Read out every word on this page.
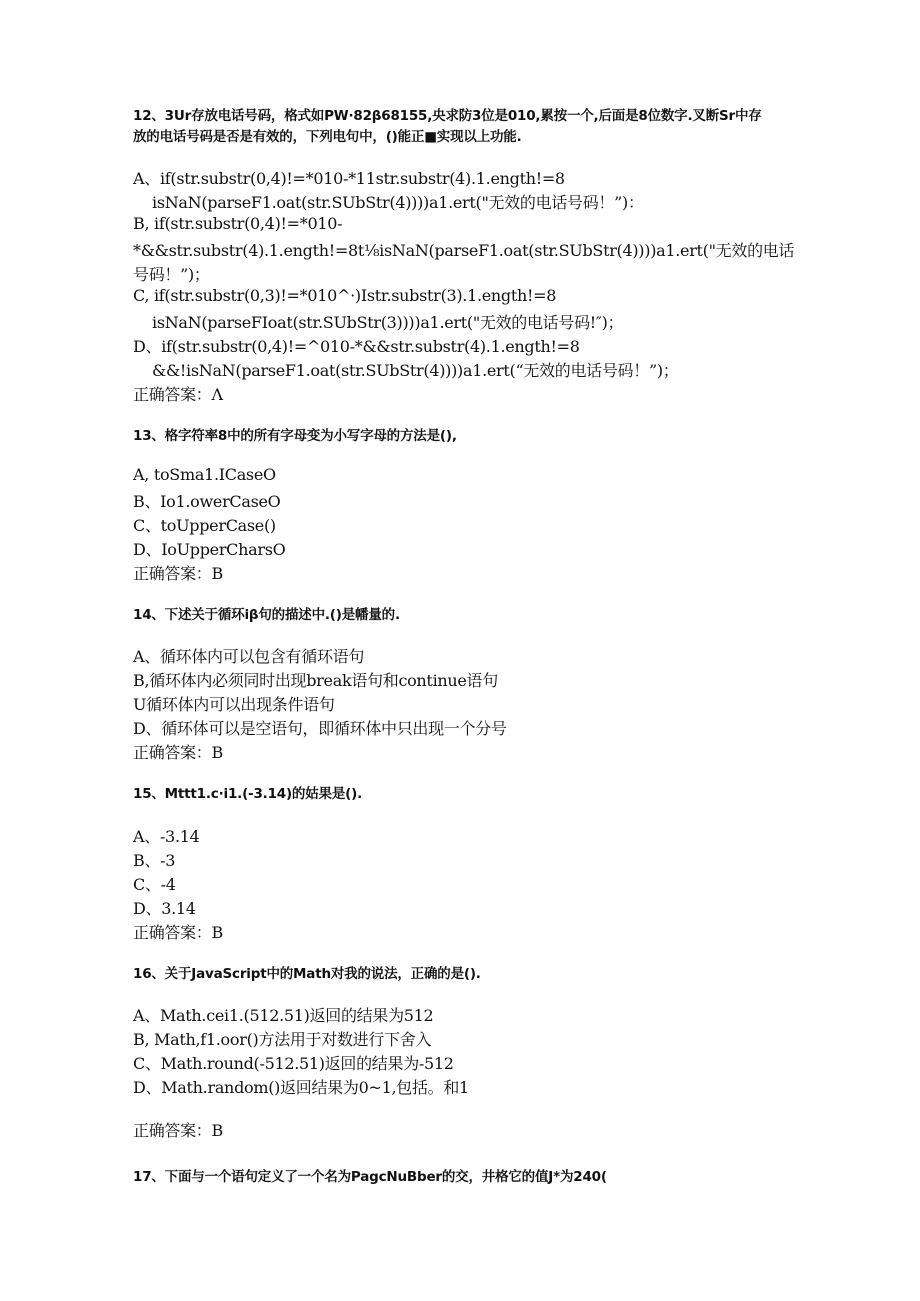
12、3Ur存放电话号码，格式如PW·82β68155,央求防3位是010,累按一个,后面是8位数字.叉断Sr中存
放的电话号码是否是有效的，下列电句中，()能正■实现以上功能.
A、if(str.substr(0,4)!=*010-*11str.substr(4).1.ength!=8
isNaN(parseF1.oat(str.SUbStr(4))))a1.ert("无效的电话号码！”)：
B, if(str.substr(0,4)!=*010-
*&&str.substr(4).1.ength!=8t⅛isNaN(parseF1.oat(str.SUbStr(4))))a1.ert("无效的电话
号码！”)；
C, if(str.substr(0,3)!=*010^·)Istr.substr(3).1.ength!=8
isNaN(parseFIoat(str.SUbStr(3))))a1.ert("无效的电话号码!″)；
D、if(str.substr(0,4)!=^010-*&&str.substr(4).1.ength!=8
&&!isNaN(parseF1.oat(str.SUbStr(4))))a1.ert(“无效的电话号码！”)；
正确答案：Λ
13、格字符率8中的所有字母变为小写字母的方法是(),
A, toSma1.ICaseO
B、Io1.owerCaseO
C、toUpperCase()
D、IoUpperCharsO
正确答案：B
14、下述关于循环iβ句的描述中.()是幡量的.
A、循环体内可以包含有循环语句
B,循环体内必须同时出现break语句和continue语句
U循环体内可以出现条件语句
D、循环体可以是空语句，即循环体中只出现一个分号
正确答案：B
15、Mttt1.c·i1.(-3.14)的姑果是().
A、-3.14
B、-3
C、-4
D、3.14
正确答案：B
16、关于JavaScript中的Math对我的说法，正确的是().
A、Math.cei1.(512.51)返回的结果为512
B, Math,f1.oor()方法用于对数进行下舍入
C、Math.round(-512.51)返回的结果为-512
D、Math.random()返回结果为0~1,包括。和1
正确答案：B
17、下面与一个语句定义了一个名为PagcNuBber的交，井格它的值J*为240(
